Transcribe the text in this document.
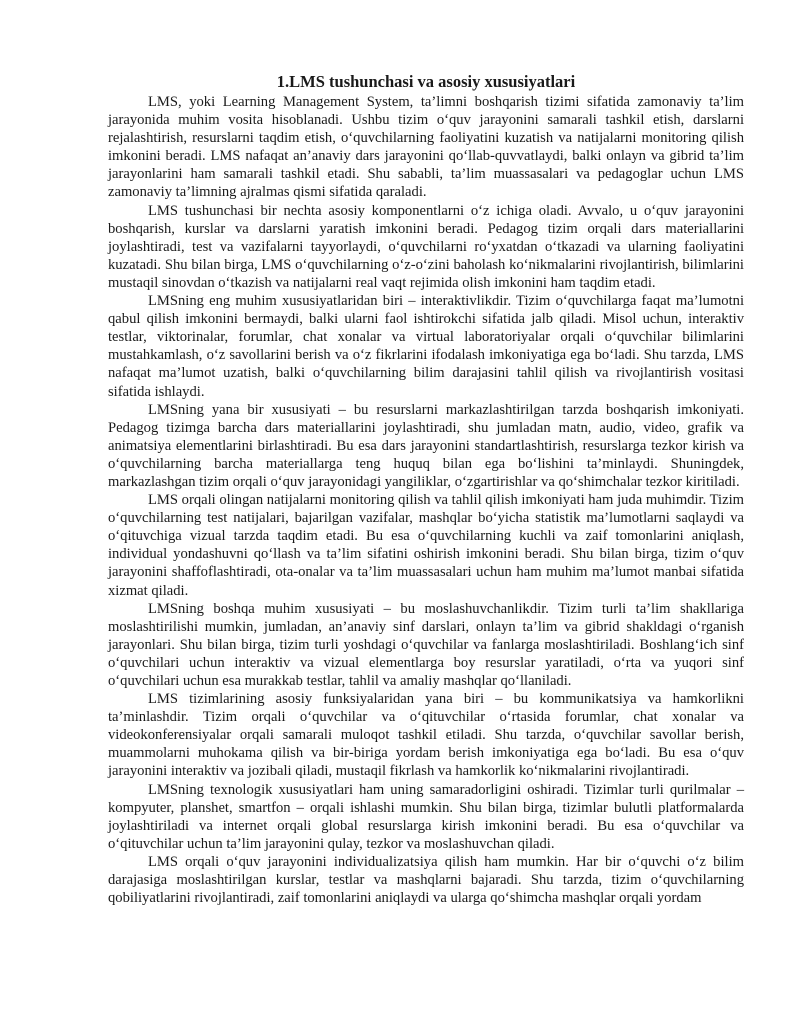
1.LMS tushunchasi va asosiy xususiyatlari

LMS, yoki Learning Management System, ta’limni boshqarish tizimi sifatida zamonaviy ta’lim jarayonida muhim vosita hisoblanadi. Ushbu tizim o‘quv jarayonini samarali tashkil etish, darslarni rejalashtirish, resurslarni taqdim etish, o‘quvchilarning faoliyatini kuzatish va natijalarni monitoring qilish imkonini beradi. LMS nafaqat an’anaviy dars jarayonini qo‘llab-quvvatlaydi, balki onlayn va gibrid ta’lim jarayonlarini ham samarali tashkil etadi. Shu sababli, ta’lim muassasalari va pedagoglar uchun LMS zamonaviy ta’limning ajralmas qismi sifatida qaraladi.

LMS tushunchasi bir nechta asosiy komponentlarni o‘z ichiga oladi. Avvalo, u o‘quv jarayonini boshqarish, kurslar va darslarni yaratish imkonini beradi. Pedagog tizim orqali dars materiallarini joylashtiradi, test va vazifalarni tayyorlaydi, o‘quvchilarni ro‘yxatdan o‘tkazadi va ularning faoliyatini kuzatadi. Shu bilan birga, LMS o‘quvchilarning o‘z-o‘zini baholash ko‘nikmalarini rivojlantirish, bilimlarini mustaqil sinovdan o‘tkazish va natijalarni real vaqt rejimida olish imkonini ham taqdim etadi.

LMSning eng muhim xususiyatlaridan biri – interaktivlikdir. Tizim o‘quvchilarga faqat ma’lumotni qabul qilish imkonini bermaydi, balki ularni faol ishtirokchi sifatida jalb qiladi. Misol uchun, interaktiv testlar, viktorinalar, forumlar, chat xonalar va virtual laboratoriyalar orqali o‘quvchilar bilimlarini mustahkamlash, o‘z savollarini berish va o‘z fikrlarini ifodalash imkoniyatiga ega bo‘ladi. Shu tarzda, LMS nafaqat ma’lumot uzatish, balki o‘quvchilarning bilim darajasini tahlil qilish va rivojlantirish vositasi sifatida ishlaydi.

LMSning yana bir xususiyati – bu resurslarni markazlashtirilgan tarzda boshqarish imkoniyati. Pedagog tizimga barcha dars materiallarini joylashtiradi, shu jumladan matn, audio, video, grafik va animatsiya elementlarini birlashtiradi. Bu esa dars jarayonini standartlashtirish, resurslarga tezkor kirish va o‘quvchilarning barcha materiallarga teng huquq bilan ega bo‘lishini ta’minlaydi. Shuningdek, markazlashgan tizim orqali o‘quv jarayonidagi yangiliklar, o‘zgartirishlar va qo‘shimchalar tezkor kiritiladi.

LMS orqali olingan natijalarni monitoring qilish va tahlil qilish imkoniyati ham juda muhimdir. Tizim o‘quvchilarning test natijalari, bajarilgan vazifalar, mashqlar bo‘yicha statistik ma’lumotlarni saqlaydi va o‘qituvchiga vizual tarzda taqdim etadi. Bu esa o‘quvchilarning kuchli va zaif tomonlarini aniqlash, individual yondashuvni qo‘llash va ta’lim sifatini oshirish imkonini beradi. Shu bilan birga, tizim o‘quv jarayonini shaffoflashtiradi, ota-onalar va ta’lim muassasalari uchun ham muhim ma’lumot manbai sifatida xizmat qiladi.

LMSning boshqa muhim xususiyati – bu moslashuvchanlikdir. Tizim turli ta’lim shakllariga moslashtirilishi mumkin, jumladan, an’anaviy sinf darslari, onlayn ta’lim va gibrid shakldagi o‘rganish jarayonlari. Shu bilan birga, tizim turli yoshdagi o‘quvchilar va fanlarga moslashtiriladi. Boshlang‘ich sinf o‘quvchilari uchun interaktiv va vizual elementlarga boy resurslar yaratiladi, o‘rta va yuqori sinf o‘quvchilari uchun esa murakkab testlar, tahlil va amaliy mashqlar qo‘llaniladi.

LMS tizimlarining asosiy funksiyalaridan yana biri – bu kommunikatsiya va hamkorlikni ta’minlashdir. Tizim orqali o‘quvchilar va o‘qituvchilar o‘rtasida forumlar, chat xonalar va videokonferensiyalar orqali samarali muloqot tashkil etiladi. Shu tarzda, o‘quvchilar savollar berish, muammolarni muhokama qilish va bir-biriga yordam berish imkoniyatiga ega bo‘ladi. Bu esa o‘quv jarayonini interaktiv va jozibali qiladi, mustaqil fikrlash va hamkorlik ko‘nikmalarini rivojlantiradi.

LMSning texnologik xususiyatlari ham uning samaradorligini oshiradi. Tizimlar turli qurilmalar – kompyuter, planshet, smartfon – orqali ishlashi mumkin. Shu bilan birga, tizimlar bulutli platformalarda joylashtiriladi va internet orqali global resurslarga kirish imkonini beradi. Bu esa o‘quvchilar va o‘qituvchilar uchun ta’lim jarayonini qulay, tezkor va moslashuvchan qiladi.

LMS orqali o‘quv jarayonini individualizatsiya qilish ham mumkin. Har bir o‘quvchi o‘z bilim darajasiga moslashtirilgan kurslar, testlar va mashqlarni bajaradi. Shu tarzda, tizim o‘quvchilarning qobiliyatlarini rivojlantiradi, zaif tomonlarini aniqlaydi va ularga qo‘shimcha mashqlar orqali yordam
